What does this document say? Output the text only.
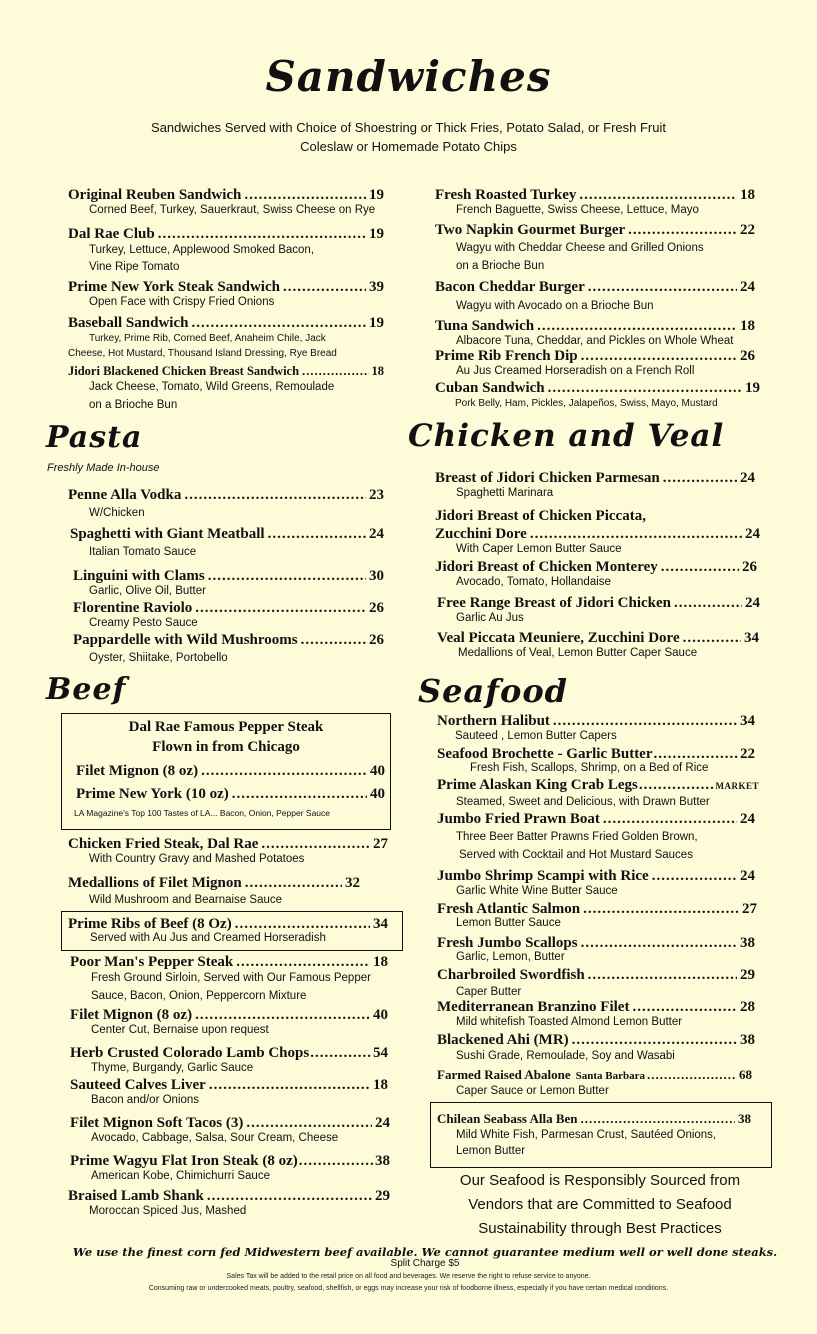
Sandwiches
Sandwiches Served with Choice of Shoestring or Thick Fries, Potato Salad, or Fresh Fruit
Coleslaw or Homemade Potato Chips
Original Reuben Sandwich .....	19
Corned Beef, Turkey, Sauerkraut, Swiss Cheese on Rye
Dal Rae Club .....	19
Turkey, Lettuce, Applewood Smoked Bacon,
Vine Ripe Tomato
Prime New York Steak Sandwich .....	39
Open Face with Crispy Fried Onions
Baseball Sandwich .....	19
Turkey, Prime Rib, Corned Beef, Anaheim Chile, Jack
Cheese, Hot Mustard, Thousand Island Dressing, Rye Bread
Jidori Blackened Chicken Breast Sandwich .....	18
Jack Cheese, Tomato, Wild Greens, Remoulade
on a Brioche Bun
Fresh Roasted Turkey .....	18
French Baguette, Swiss Cheese, Lettuce, Mayo
Two Napkin Gourmet Burger .....	22
Wagyu with Cheddar Cheese and Grilled Onions
on a Brioche Bun
Bacon Cheddar Burger .....	24
Wagyu with Avocado on a Brioche Bun
Tuna Sandwich .....	18
Albacore Tuna, Cheddar, and Pickles on Whole Wheat
Prime Rib French Dip .....	26
Au Jus Creamed Horseradish on a French Roll
Cuban Sandwich .....	19
Pork Belly, Ham, Pickles, Jalapeños, Swiss, Mayo, Mustard
Pasta
Freshly Made In-house
Penne Alla Vodka .....	23
W/Chicken
Spaghetti with Giant Meatball .....	24
Italian Tomato Sauce
Linguini with Clams .....	30
Garlic, Olive Oil, Butter
Florentine Raviolo .....	26
Creamy Pesto Sauce
Pappardelle with Wild Mushrooms .....	26
Oyster, Shiitake, Portobello
Chicken and Veal
Breast of Jidori Chicken Parmesan .....	24
Spaghetti Marinara
Jidori Breast of Chicken Piccata,
Zucchini Dore .....	24
With Caper Lemon Butter Sauce
Jidori Breast of Chicken Monterey .....	26
Avocado, Tomato, Hollandaise
Free Range Breast of Jidori Chicken .....	24
Garlic Au Jus
Veal Piccata Meuniere, Zucchini Dore .....	34
Medallions of Veal, Lemon Butter Caper Sauce
Beef
Dal Rae Famous Pepper Steak
Flown in from Chicago
Filet Mignon (8 oz) .....	40
Prime New York (10 oz) .....	40
LA Magazine's Top 100 Tastes of LA... Bacon, Onion, Pepper Sauce
Chicken Fried Steak, Dal Rae .....	27
With Country Gravy and Mashed Potatoes
Medallions of Filet Mignon .....	32
Wild Mushroom and Bearnaise Sauce
Prime Ribs of Beef (8 Oz) .....	34
Served with Au Jus and Creamed Horseradish
Poor Man's Pepper Steak .....	18
Fresh Ground Sirloin, Served with Our Famous Pepper
Sauce, Bacon, Onion, Peppercorn Mixture
Filet Mignon (8 oz) .....	40
Center Cut, Bernaise upon request
Herb Crusted Colorado Lamb Chops .....	54
Thyme, Burgandy, Garlic Sauce
Sauteed Calves Liver .....	18
Bacon and/or Onions
Filet Mignon Soft Tacos (3) .....	24
Avocado, Cabbage, Salsa, Sour Cream, Cheese
Prime Wagyu Flat Iron Steak (8 oz) .....	38
American Kobe, Chimichurri Sauce
Braised Lamb Shank .....	29
Moroccan Spiced Jus, Mashed
Seafood
Northern Halibut .....	34
Sauteed , Lemon Butter Capers
Seafood Brochette - Garlic Butter .....	22
Fresh Fish, Scallops, Shrimp, on a Bed of Rice
Prime Alaskan King Crab Legs .....	MARKET
Steamed, Sweet and Delicious, with Drawn Butter
Jumbo Fried Prawn Boat .....	24
Three Beer Batter Prawns Fried Golden Brown,
Served with Cocktail and Hot Mustard Sauces
Jumbo Shrimp Scampi with Rice .....	24
Garlic White Wine Butter Sauce
Fresh Atlantic Salmon .....	27
Lemon Butter Sauce
Fresh Jumbo Scallops .....	38
Garlic, Lemon, Butter
Charbroiled Swordfish .....	29
Caper Butter
Mediterranean Branzino Filet .....	28
Mild whitefish Toasted Almond Lemon Butter
Blackened Ahi (MR) .....	38
Sushi Grade, Remoulade, Soy and Wasabi
Farmed Raised Abalone Santa Barbara .....	68
Caper Sauce or Lemon Butter
Chilean Seabass Alla Ben .....	38
Mild White Fish, Parmesan Crust, Sautéed Onions,
Lemon Butter
Our Seafood is Responsibly Sourced from
Vendors that are Committed to Seafood
Sustainability through Best Practices
We use the finest corn fed Midwestern beef available. We cannot guarantee medium well or well done steaks.
Split Charge $5
Sales Tax will be added to the retail price on all food and beverages. We reserve the right to refuse service to anyone.
Consuming raw or undercooked meats, poultry, seafood, shellfish, or eggs may increase your risk of foodborne illness, especially if you have certain medical conditions.
